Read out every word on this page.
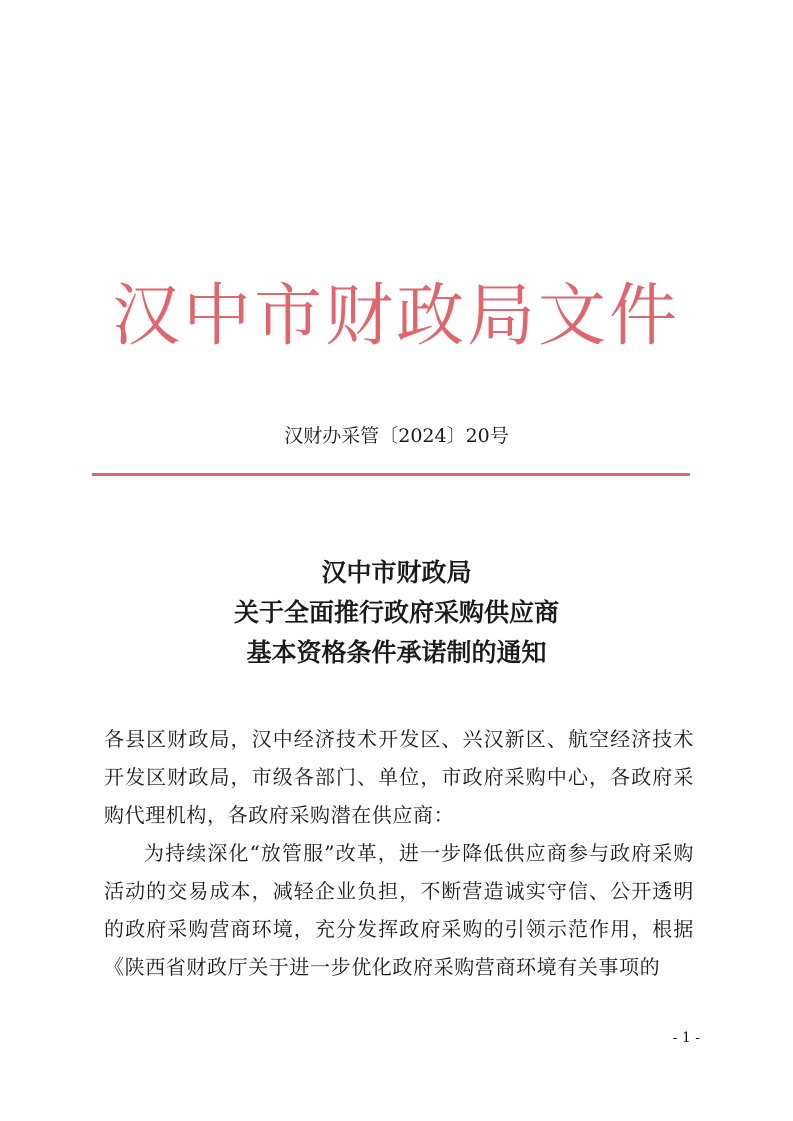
汉中市财政局文件
汉财办采管〔2024〕20号
汉中市财政局
关于全面推行政府采购供应商
基本资格条件承诺制的通知

各县区财政局，汉中经济技术开发区、兴汉新区、航空经济技术开发区财政局，市级各部门、单位，市政府采购中心，各政府采购代理机构，各政府采购潜在供应商：

为持续深化“放管服”改革，进一步降低供应商参与政府采购活动的交易成本，减轻企业负担，不断营造诚实守信、公开透明的政府采购营商环境，充分发挥政府采购的引领示范作用，根据《陕西省财政厅关于进一步优化政府采购营商环境有关事项的

- 1 -
